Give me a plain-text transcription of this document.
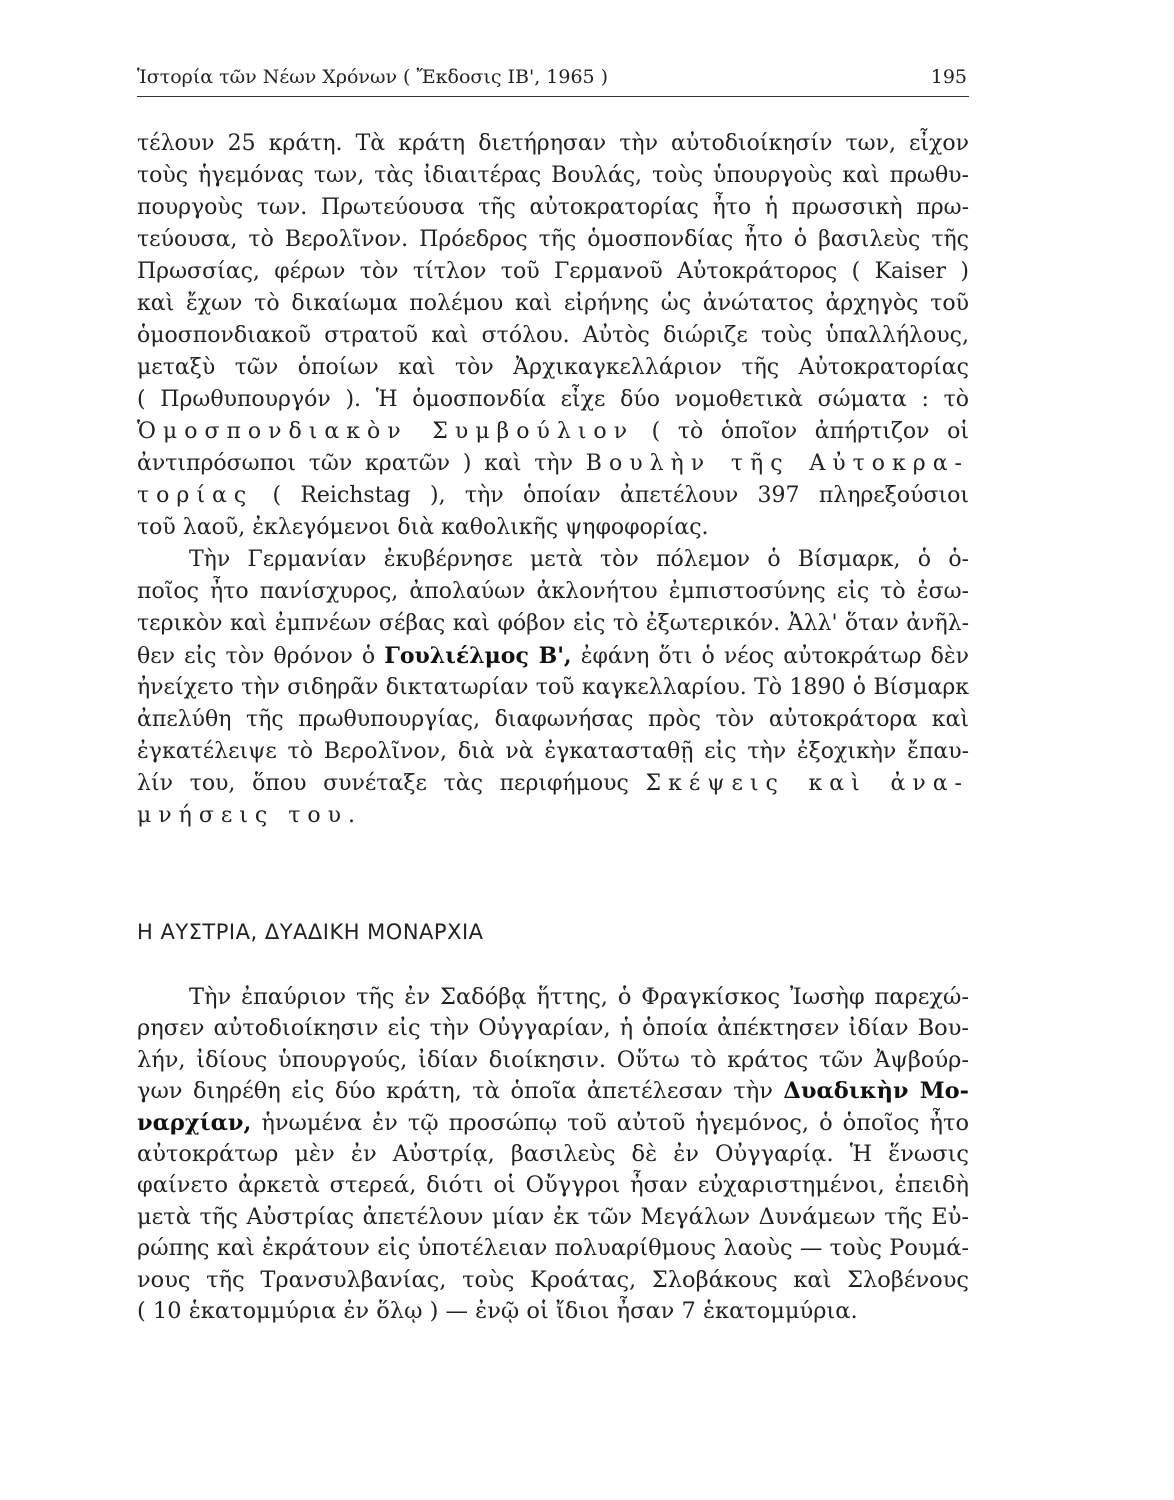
Ἱστορία τῶν Νέων Χρόνων ( Ἔκδοσις ΙΒ', 1965 )	195
τέλουν 25 κράτη. Τὰ κράτη διετήρησαν τὴν αὐτοδιοίκησίν των, εἶχον
τοὺς ἡγεμόνας των, τὰς ἰδιαιτέρας Βουλάς, τοὺς ὑπουργοὺς καὶ πρωθυ-
πουργοὺς των. Πρωτεύουσα τῆς αὐτοκρατορίας ἦτο ἡ πρωσσικὴ πρω-
τεύουσα, τὸ Βερολῖνον. Πρόεδρος τῆς ὁμοσπονδίας ἦτο ὁ βασιλεὺς τῆς
Πρωσσίας, φέρων τὸν τίτλον τοῦ Γερμανοῦ Αὐτοκράτορος ( Kaiser )
καὶ ἔχων τὸ δικαίωμα πολέμου καὶ εἰρήνης ὡς ἀνώτατος ἀρχηγὸς τοῦ
ὁμοσπονδιακοῦ στρατοῦ καὶ στόλου. Αὐτὸς διώριζε τοὺς ὑπαλλήλους,
μεταξὺ τῶν ὁποίων καὶ τὸν Ἀρχικαγκελλάριον τῆς Αὐτοκρατορίας
( Πρωθυπουργόν ). Ἡ ὁμοσπονδία εἶχε δύο νομοθετικὰ σώματα : τὸ
Ὁμοσπονδιακὸν Συμβούλιον ( τὸ ὁποῖον ἀπήρτιζον οἱ
ἀντιπρόσωποι τῶν κρατῶν ) καὶ τὴν Βουλὴν τῆς Αὐτοκρα-
τορίας ( Reichstag ), τὴν ὁποίαν ἀπετέλουν 397 πληρεξούσιοι
τοῦ λαοῦ, ἐκλεγόμενοι διὰ καθολικῆς ψηφοφορίας.
Τὴν Γερμανίαν ἐκυβέρνησε μετὰ τὸν πόλεμον ὁ Βίσμαρκ, ὁ ὁ-
ποῖος ἦτο πανίσχυρος, ἀπολαύων ἀκλονήτου ἐμπιστοσύνης εἰς τὸ ἐσω-
τερικὸν καὶ ἐμπνέων σέβας καὶ φόβον εἰς τὸ ἐξωτερικόν. Ἀλλ' ὅταν ἀνῆλ-
θεν εἰς τὸν θρόνον ὁ Γουλιέλμος Β', ἐφάνη ὅτι ὁ νέος αὐτοκράτωρ δὲν
ἠνείχετο τὴν σιδηρᾶν δικτατωρίαν τοῦ καγκελλαρίου. Τὸ 1890 ὁ Βίσμαρκ
ἀπελύθη τῆς πρωθυπουργίας, διαφωνήσας πρὸς τὸν αὐτοκράτορα καὶ
ἐγκατέλειψε τὸ Βερολῖνον, διὰ νὰ ἐγκατασταθῇ εἰς τὴν ἐξοχικὴν ἔπαυ-
λίν του, ὅπου συνέταξε τὰς περιφήμους Σκέψεις καὶ ἀνα-
μνήσεις του.
Η ΑΥΣΤΡΙΑ, ΔΥΑΔΙΚΗ ΜΟΝΑΡΧΙΑ
Τὴν ἐπαύριον τῆς ἐν Σαδόβᾳ ἥττης, ὁ Φραγκίσκος Ἰωσὴφ παρεχώ-
ρησεν αὐτοδιοίκησιν εἰς τὴν Οὐγγαρίαν, ἡ ὁποία ἀπέκτησεν ἰδίαν Βου-
λήν, ἰδίους ὑπουργούς, ἰδίαν διοίκησιν. Οὕτω τὸ κράτος τῶν Ἀψβούρ-
γων διηρέθη εἰς δύο κράτη, τὰ ὁποῖα ἀπετέλεσαν τὴν Δυαδικὴν Μο-
ναρχίαν, ἡνωμένα ἐν τῷ προσώπῳ τοῦ αὐτοῦ ἡγεμόνος, ὁ ὁποῖος ἦτο
αὐτοκράτωρ μὲν ἐν Αὐστρίᾳ, βασιλεὺς δὲ ἐν Οὐγγαρίᾳ. Ἡ ἕνωσις
φαίνετο ἀρκετὰ στερεά, διότι οἱ Οὔγγροι ἦσαν εὐχαριστημένοι, ἐπειδὴ
μετὰ τῆς Αὐστρίας ἀπετέλουν μίαν ἐκ τῶν Μεγάλων Δυνάμεων τῆς Εὐ-
ρώπης καὶ ἐκράτουν εἰς ὑποτέλειαν πολυαρίθμους λαοὺς — τοὺς Ρουμά-
νους τῆς Τρανσυλβανίας, τοὺς Κροάτας, Σλοβάκους καὶ Σλοβένους
( 10 ἑκατομμύρια ἐν ὅλῳ ) — ἐνῷ οἱ ἴδιοι ἦσαν 7 ἑκατομμύρια.
